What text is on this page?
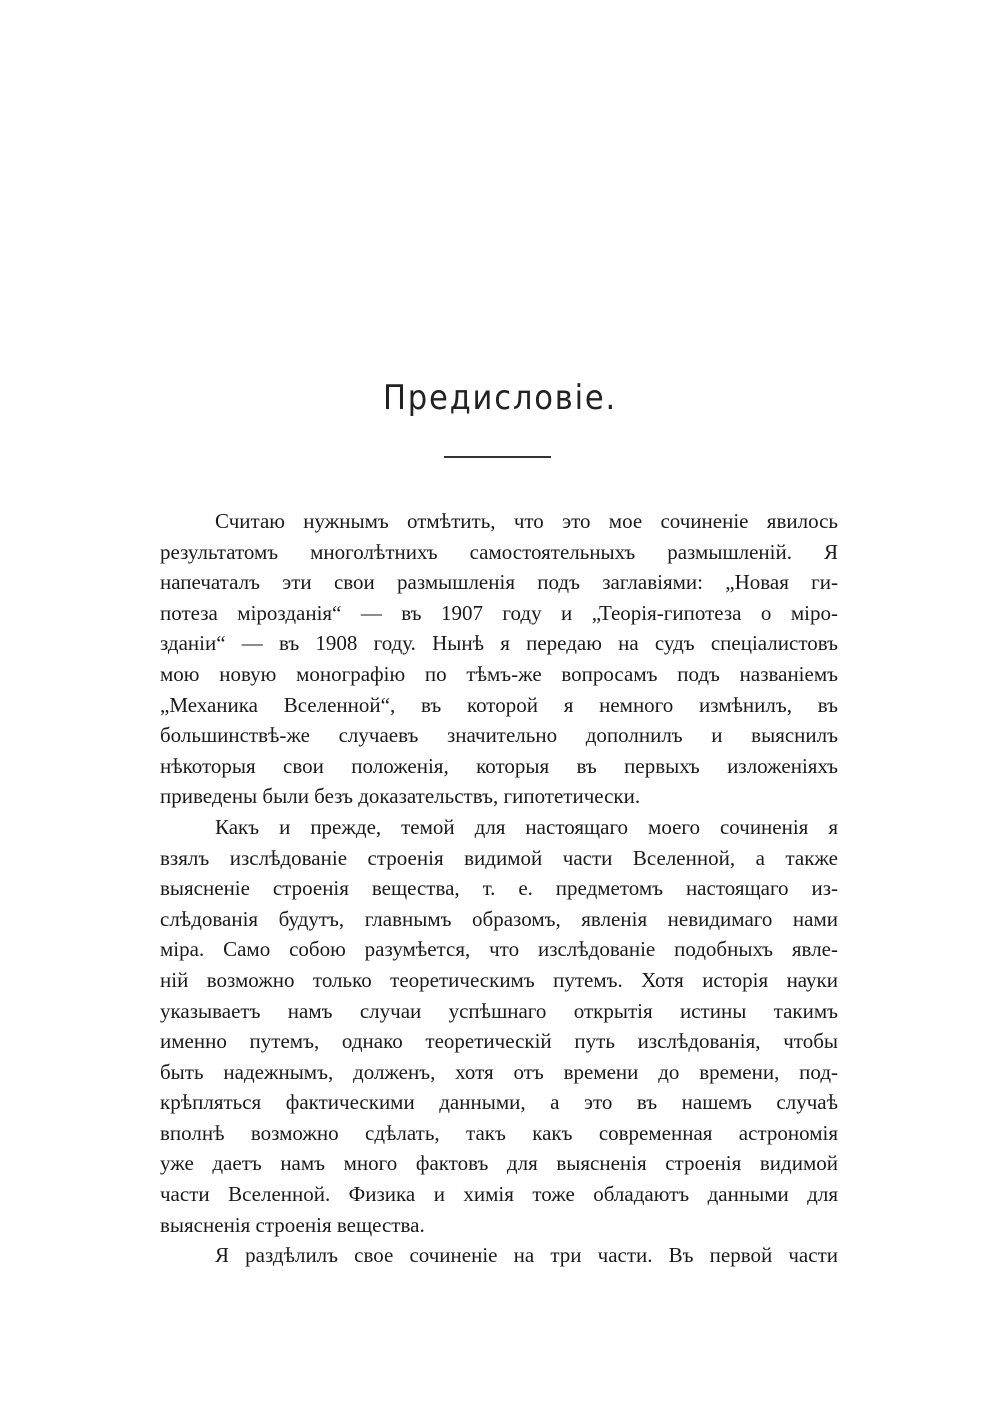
Предисловіе.
Считаю нужнымъ отмѣтить, что это мое сочиненіе явилось
результатомъ многолѣтнихъ самостоятельныхъ размышленій. Я
напечаталъ эти свои размышленія подъ заглавіями: „Новая ги-
потеза мірозданія“ — въ 1907 году и „Теорія-гипотеза о міро-
зданіи“ — въ 1908 году. Нынѣ я передаю на судъ спеціалистовъ
мою новую монографію по тѣмъ-же вопросамъ подъ названіемъ
„Механика Вселенной“, въ которой я немного измѣнилъ, въ
большинствѣ-же случаевъ значительно дополнилъ и выяснилъ
нѣкоторыя свои положенія, которыя въ первыхъ изложеніяхъ
приведены были безъ доказательствъ, гипотетически.
Какъ и прежде, темой для настоящаго моего сочиненія я
взялъ изслѣдованіе строенія видимой части Вселенной, а также
выясненіе строенія вещества, т. е. предметомъ настоящаго из-
слѣдованія будутъ, главнымъ образомъ, явленія невидимаго нами
міра. Само собою разумѣется, что изслѣдованіе подобныхъ явле-
ній возможно только теоретическимъ путемъ. Хотя исторія науки
указываетъ намъ случаи успѣшнаго открытія истины такимъ
именно путемъ, однако теоретическій путь изслѣдованія, чтобы
быть надежнымъ, долженъ, хотя отъ времени до времени, под-
крѣпляться фактическими данными, а это въ нашемъ случаѣ
вполнѣ возможно сдѣлать, такъ какъ современная астрономія
уже даетъ намъ много фактовъ для выясненія строенія видимой
части Вселенной. Физика и химія тоже обладаютъ данными для
выясненія строенія вещества.
Я раздѣлилъ свое сочиненіе на три части. Въ первой части
